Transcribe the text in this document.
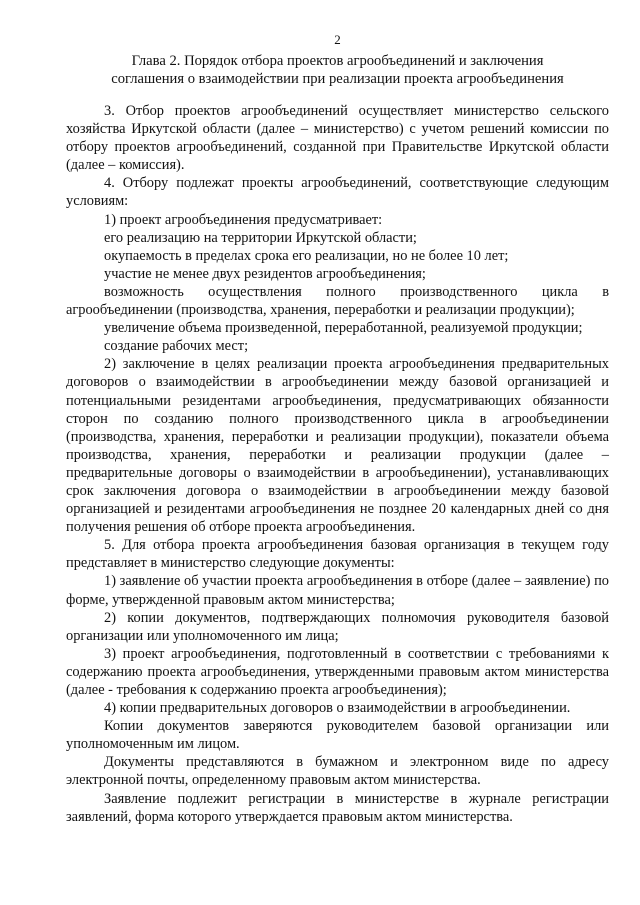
2
Глава 2. Порядок отбора проектов агрообъединений и заключения
соглашения о взаимодействии при реализации проекта агрообъединения

3. Отбор проектов агрообъединений осуществляет министерство сельского хозяйства Иркутской области (далее – министерство) с учетом решений комиссии по отбору проектов агрообъединений, созданной при Правительстве Иркутской области (далее – комиссия).

4. Отбору подлежат проекты агрообъединений, соответствующие следующим условиям:

1) проект агрообъединения предусматривает:

его реализацию на территории Иркутской области;

окупаемость в пределах срока его реализации, но не более 10 лет;

участие не менее двух резидентов агрообъединения;

возможность осуществления полного производственного цикла в агрообъединении (производства, хранения, переработки и реализации продукции);

увеличение объема произведенной, переработанной, реализуемой продукции;

создание рабочих мест;

2) заключение в целях реализации проекта агрообъединения предварительных договоров о взаимодействии в агрообъединении между базовой организацией и потенциальными резидентами агрообъединения, предусматривающих обязанности сторон по созданию полного производственного цикла в агрообъединении (производства, хранения, переработки и реализации продукции), показатели объема производства, хранения, переработки и реализации продукции (далее – предварительные договоры о взаимодействии в агрообъединении), устанавливающих срок заключения договора о взаимодействии в агрообъединении между базовой организацией и резидентами агрообъединения не позднее 20 календарных дней со дня получения решения об отборе проекта агрообъединения.

5. Для отбора проекта агрообъединения базовая организация в текущем году представляет в министерство следующие документы:

1) заявление об участии проекта агрообъединения в отборе (далее – заявление) по форме, утвержденной правовым актом министерства;

2) копии документов, подтверждающих полномочия руководителя базовой организации или уполномоченного им лица;

3) проект агрообъединения, подготовленный в соответствии с требованиями к содержанию проекта агрообъединения, утвержденными правовым актом министерства (далее - требования к содержанию проекта агрообъединения);

4) копии предварительных договоров о взаимодействии в агрообъединении.

Копии документов заверяются руководителем базовой организации или уполномоченным им лицом.

Документы представляются в бумажном и электронном виде по адресу электронной почты, определенному правовым актом министерства.

Заявление подлежит регистрации в министерстве в журнале регистрации заявлений, форма которого утверждается правовым актом министерства.
